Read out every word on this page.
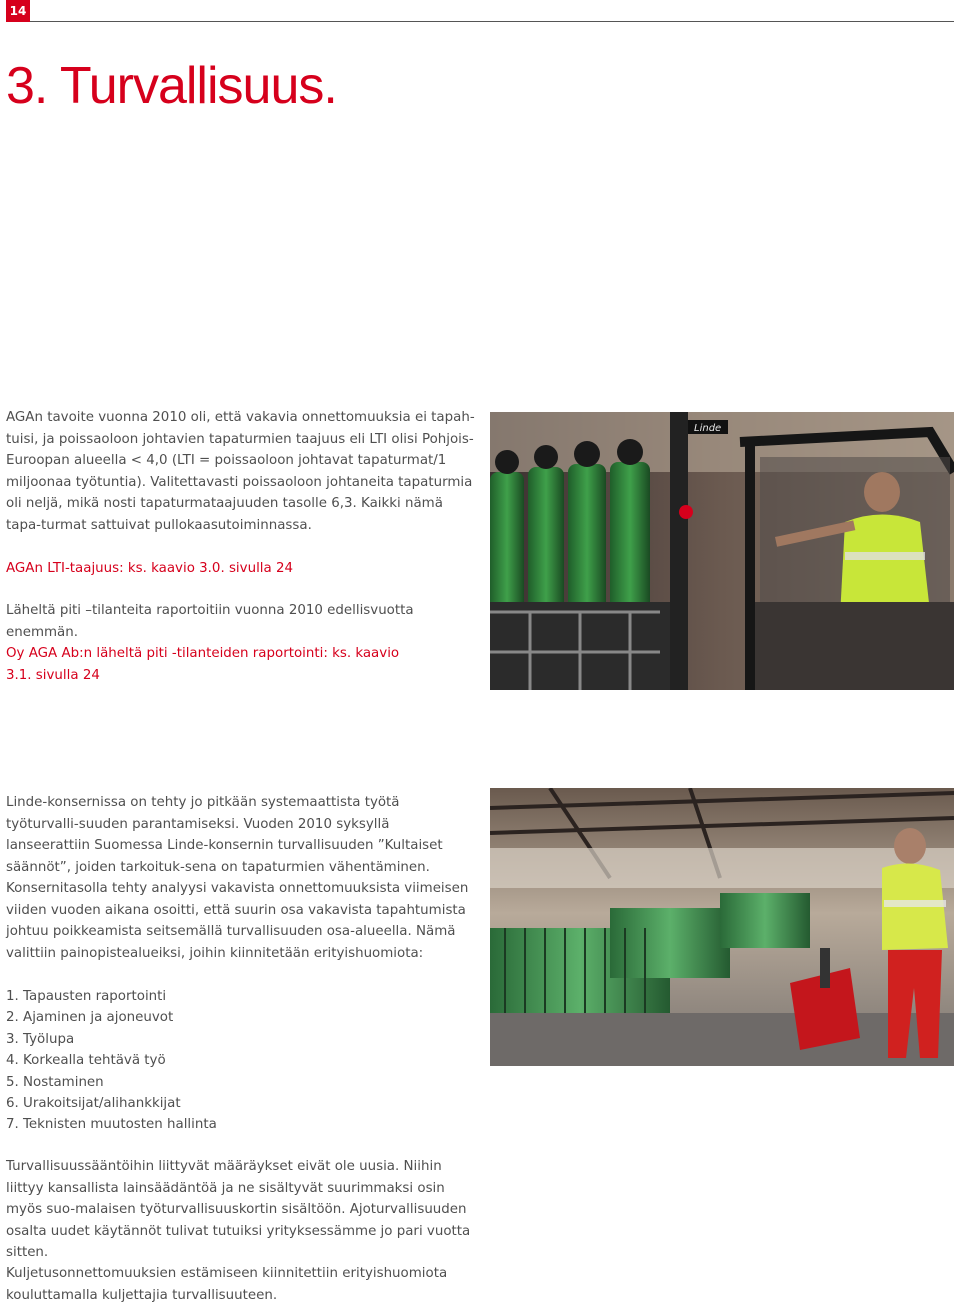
14
3. Turvallisuus.

AGAn tavoite vuonna 2010 oli, että vakavia onnettomuuksia ei tapah-tuisi, ja poissaoloon johtavien tapaturmien taajuus eli LTI olisi Pohjois-Euroopan alueella < 4,0 (LTI = poissaoloon johtavat tapaturmat/1 miljoonaa työtuntia). Valitettavasti poissaoloon johtaneita tapaturmia oli neljä, mikä nosti tapaturmataajuuden tasolle 6,3. Kaikki nämä tapa-turmat sattuivat pullokaasutoiminnassa.

AGAn LTI-taajuus: ks. kaavio 3.0. sivulla 24

Läheltä piti –tilanteita raportoitiin vuonna 2010 edellisvuotta enemmän.

Oy AGA Ab:n läheltä piti -tilanteiden raportointi: ks. kaavio 3.1. sivulla 24

Linde-konsernissa on tehty jo pitkään systemaattista työtä työturvalli-suuden parantamiseksi. Vuoden 2010 syksyllä lanseerattiin Suomessa Linde-konsernin turvallisuuden ”Kultaiset säännöt”, joiden tarkoituk-sena on tapaturmien vähentäminen. Konsernitasolla tehty analyysi vakavista onnettomuuksista viimeisen viiden vuoden aikana osoitti, että suurin osa vakavista tapahtumista johtuu poikkeamista seitsemällä turvallisuuden osa-alueella. Nämä valittiin painopistealueiksi, joihin kiinnitetään erityishuomiota:

1. Tapausten raportointi
2. Ajaminen ja ajoneuvot
3. Työlupa
4. Korkealla tehtävä työ
5. Nostaminen
6. Urakoitsijat/alihankkijat
7. Teknisten muutosten hallinta

Turvallisuussääntöihin liittyvät määräykset eivät ole uusia. Niihin liittyy kansallista lainsäädäntöä ja ne sisältyvät suurimmaksi osin myös suo-malaisen työturvallisuuskortin sisältöön. Ajoturvallisuuden osalta uudet käytännöt tulivat tutuiksi yrityksessämme jo pari vuotta sitten.

Kuljetusonnettomuuksien estämiseen kiinnitettiin erityishuomiota kouluttamalla kuljettajia turvallisuuteen.

Linde
